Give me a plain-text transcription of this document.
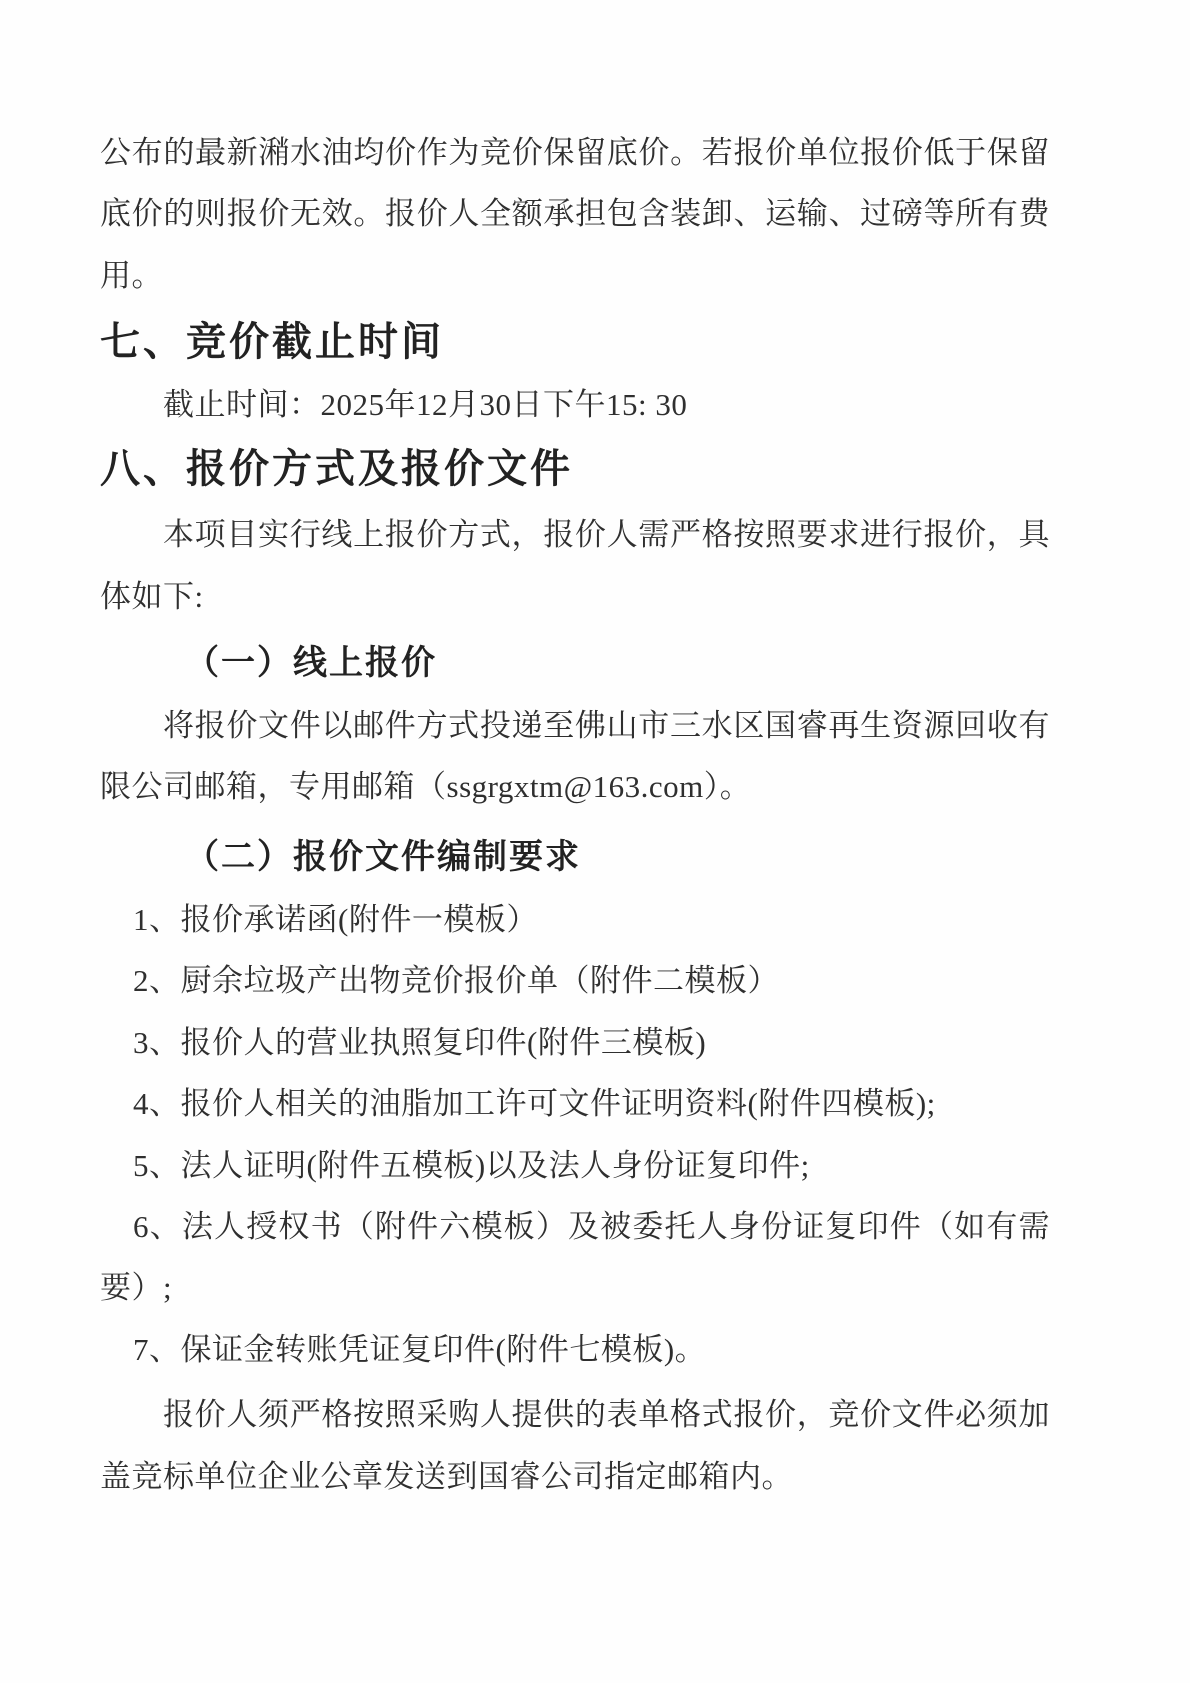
公布的最新潲水油均价作为竞价保留底价。若报价单位报价低于保留底价的则报价无效。报价人全额承担包含装卸、运输、过磅等所有费用。

七、竞价截止时间

截止时间：2025年12月30日下午15: 30

八、报价方式及报价文件

本项目实行线上报价方式，报价人需严格按照要求进行报价，具体如下:

（一）线上报价

将报价文件以邮件方式投递至佛山市三水区国睿再生资源回收有限公司邮箱，专用邮箱（ssgrgxtm@163.com）。

（二）报价文件编制要求

1、报价承诺函(附件一模板）

2、厨余垃圾产出物竞价报价单（附件二模板）

3、报价人的营业执照复印件(附件三模板)

4、报价人相关的油脂加工许可文件证明资料(附件四模板);

5、法人证明(附件五模板)以及法人身份证复印件;

6、法人授权书（附件六模板）及被委托人身份证复印件（如有需要）;

7、保证金转账凭证复印件(附件七模板)。

报价人须严格按照采购人提供的表单格式报价，竞价文件必须加盖竞标单位企业公章发送到国睿公司指定邮箱内。
